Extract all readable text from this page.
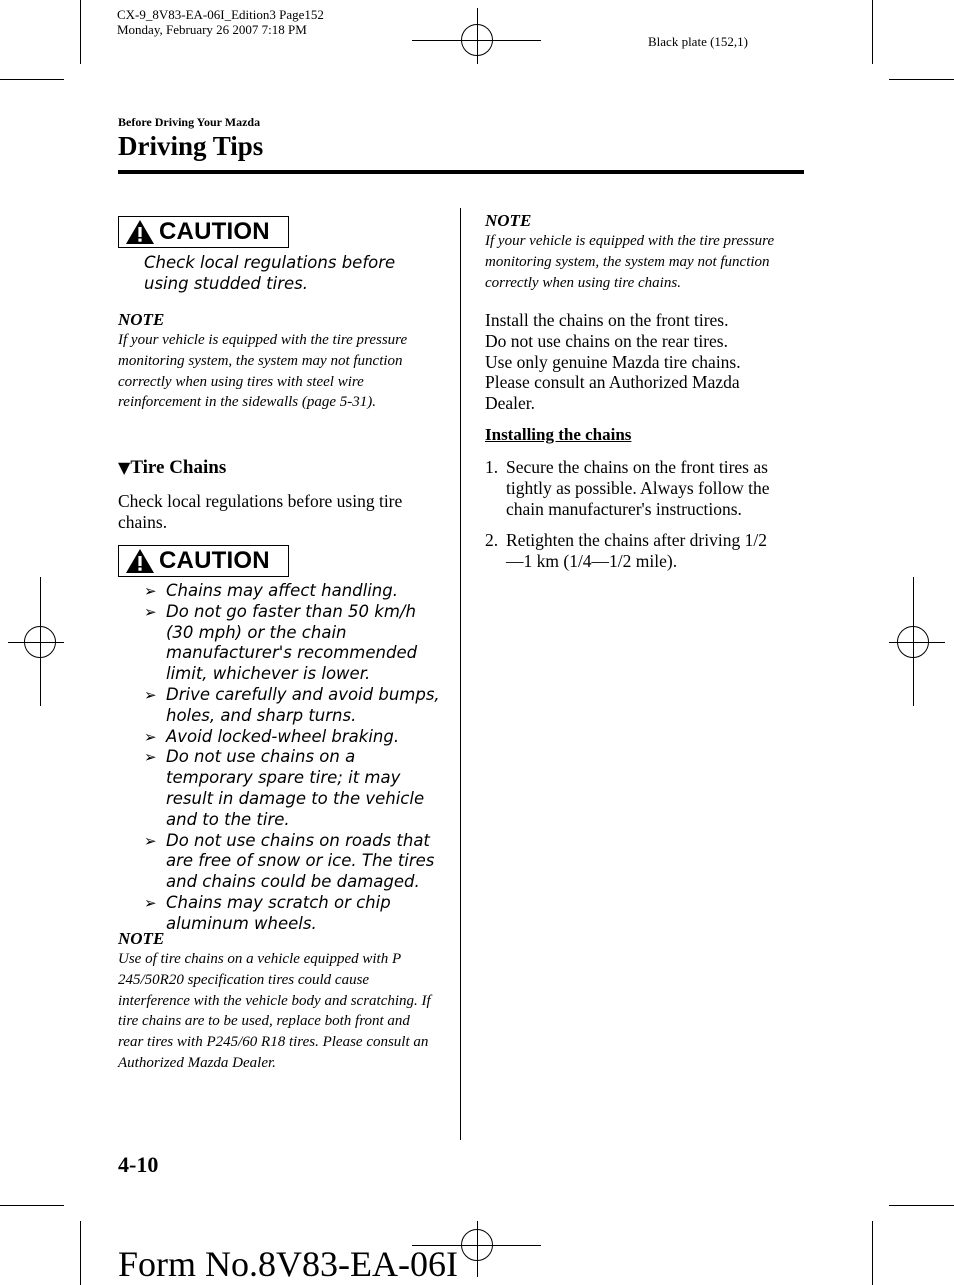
CX-9_8V83-EA-06I_Edition3 Page152
Monday, February 26 2007 7:18 PM
Black plate (152,1)
Before Driving Your Mazda
Driving Tips
CAUTION
Check local regulations before using studded tires.
NOTE
If your vehicle is equipped with the tire pressure monitoring system, the system may not function correctly when using tires with steel wire reinforcement in the sidewalls (page 5-31).
▼Tire Chains
Check local regulations before using tire chains.
CAUTION
➢ Chains may affect handling.
➢ Do not go faster than 50 km/h (30 mph) or the chain manufacturer's recommended limit, whichever is lower.
➢ Drive carefully and avoid bumps, holes, and sharp turns.
➢ Avoid locked-wheel braking.
➢ Do not use chains on a temporary spare tire; it may result in damage to the vehicle and to the tire.
➢ Do not use chains on roads that are free of snow or ice. The tires and chains could be damaged.
➢ Chains may scratch or chip aluminum wheels.
NOTE
Use of tire chains on a vehicle equipped with P 245/50R20 specification tires could cause interference with the vehicle body and scratching. If tire chains are to be used, replace both front and rear tires with P245/60 R18 tires. Please consult an Authorized Mazda Dealer.
NOTE
If your vehicle is equipped with the tire pressure monitoring system, the system may not function correctly when using tire chains.
Install the chains on the front tires.
Do not use chains on the rear tires.
Use only genuine Mazda tire chains.
Please consult an Authorized Mazda Dealer.
Installing the chains
1. Secure the chains on the front tires as tightly as possible. Always follow the chain manufacturer's instructions.
2. Retighten the chains after driving 1/2 ―1 km (1/4―1/2 mile).
4-10
Form No.8V83-EA-06I
